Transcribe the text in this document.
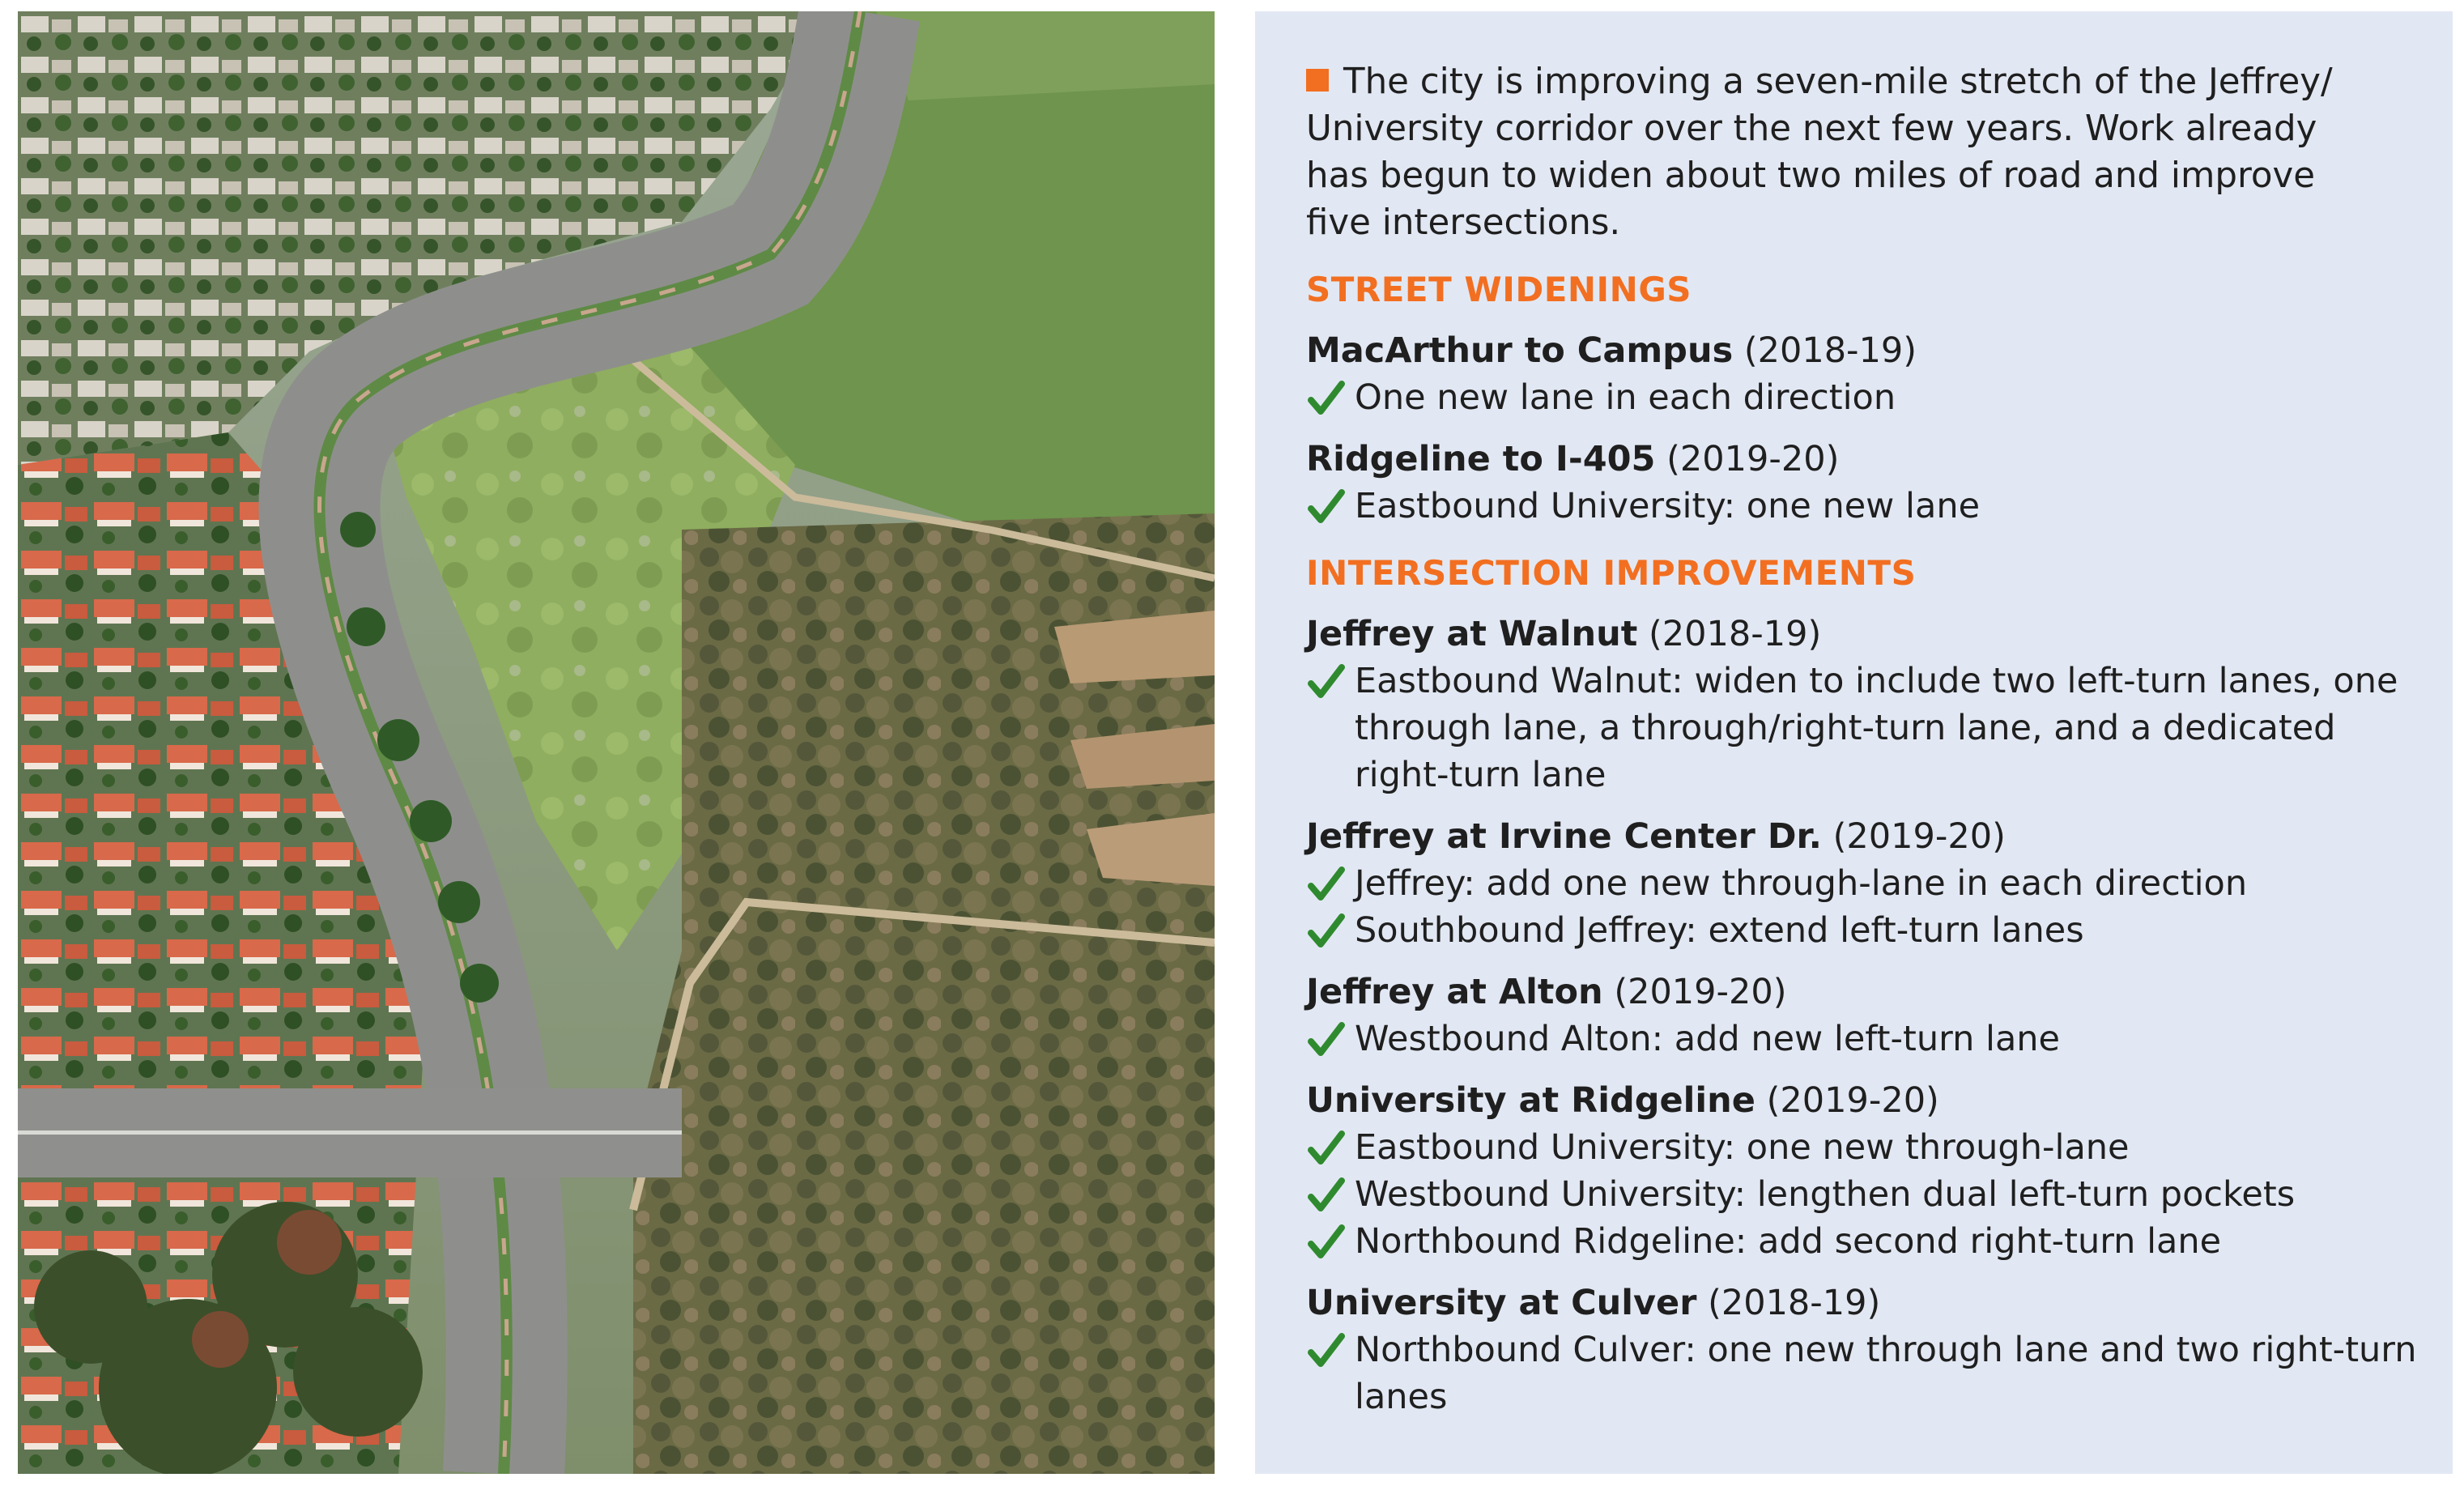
The city is improving a seven-mile stretch of the Jeffrey/ University corridor over the next few years. Work already has begun to widen about two miles of road and improve five intersections.

STREET WIDENINGS

MacArthur to Campus (2018-19)

One new lane in each direction

Ridgeline to I-405 (2019-20)

Eastbound University: one new lane

INTERSECTION IMPROVEMENTS

Jeffrey at Walnut (2018-19)

Eastbound Walnut: widen to include two left-turn lanes, one through lane, a through/right-turn lane, and a dedicated right-turn lane

Jeffrey at Irvine Center Dr. (2019-20)

Jeffrey: add one new through-lane in each direction

Southbound Jeffrey: extend left-turn lanes

Jeffrey at Alton (2019-20)

Westbound Alton: add new left-turn lane

University at Ridgeline (2019-20)

Eastbound University: one new through-lane

Westbound University: lengthen dual left-turn pockets

Northbound Ridgeline: add second right-turn lane

University at Culver (2018-19)

Northbound Culver: one new through lane and two right-turn lanes
